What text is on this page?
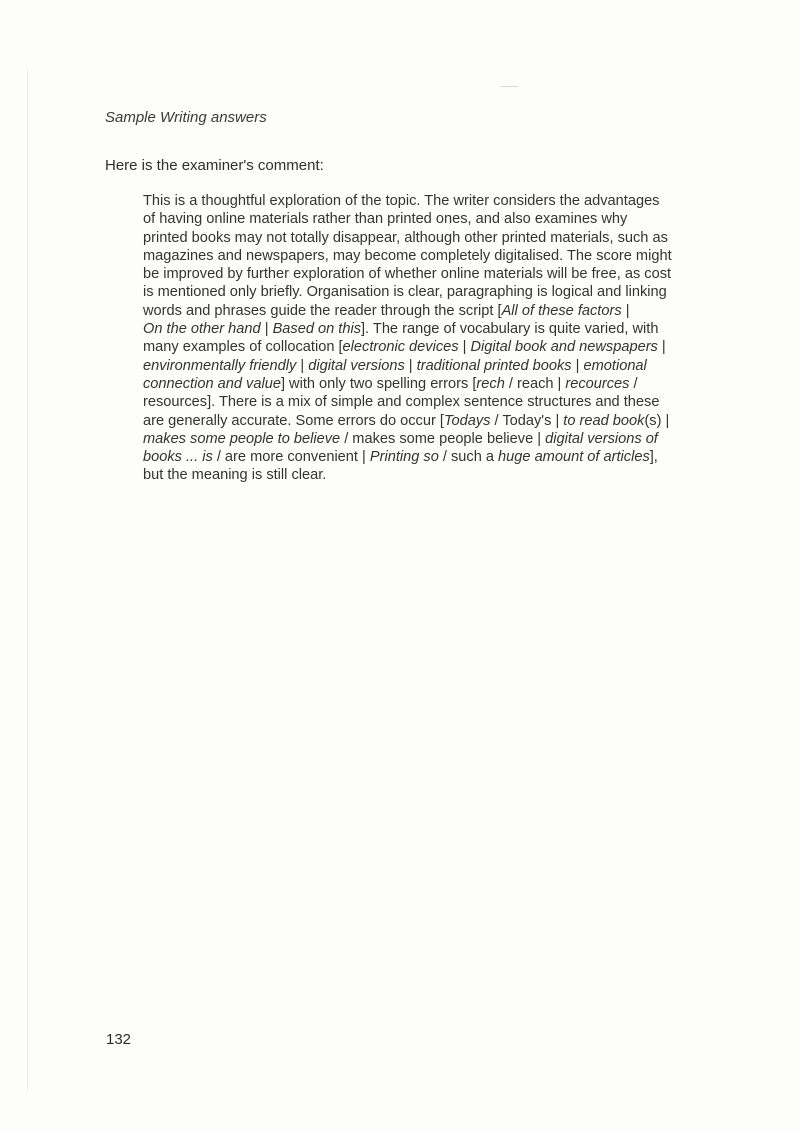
Sample Writing answers

Here is the examiner's comment:

This is a thoughtful exploration of the topic. The writer considers the advantages
of having online materials rather than printed ones, and also examines why
printed books may not totally disappear, although other printed materials, such as
magazines and newspapers, may become completely digitalised. The score might
be improved by further exploration of whether online materials will be free, as cost
is mentioned only briefly. Organisation is clear, paragraphing is logical and linking
words and phrases guide the reader through the script [All of these factors |
On the other hand | Based on this]. The range of vocabulary is quite varied, with
many examples of collocation [electronic devices | Digital book and newspapers |
environmentally friendly | digital versions | traditional printed books | emotional
connection and value] with only two spelling errors [rech / reach | recources /
resources]. There is a mix of simple and complex sentence structures and these
are generally accurate. Some errors do occur [Todays / Today's | to read book(s) |
makes some people to believe / makes some people believe | digital versions of
books ... is / are more convenient | Printing so / such a huge amount of articles],
but the meaning is still clear.

132
